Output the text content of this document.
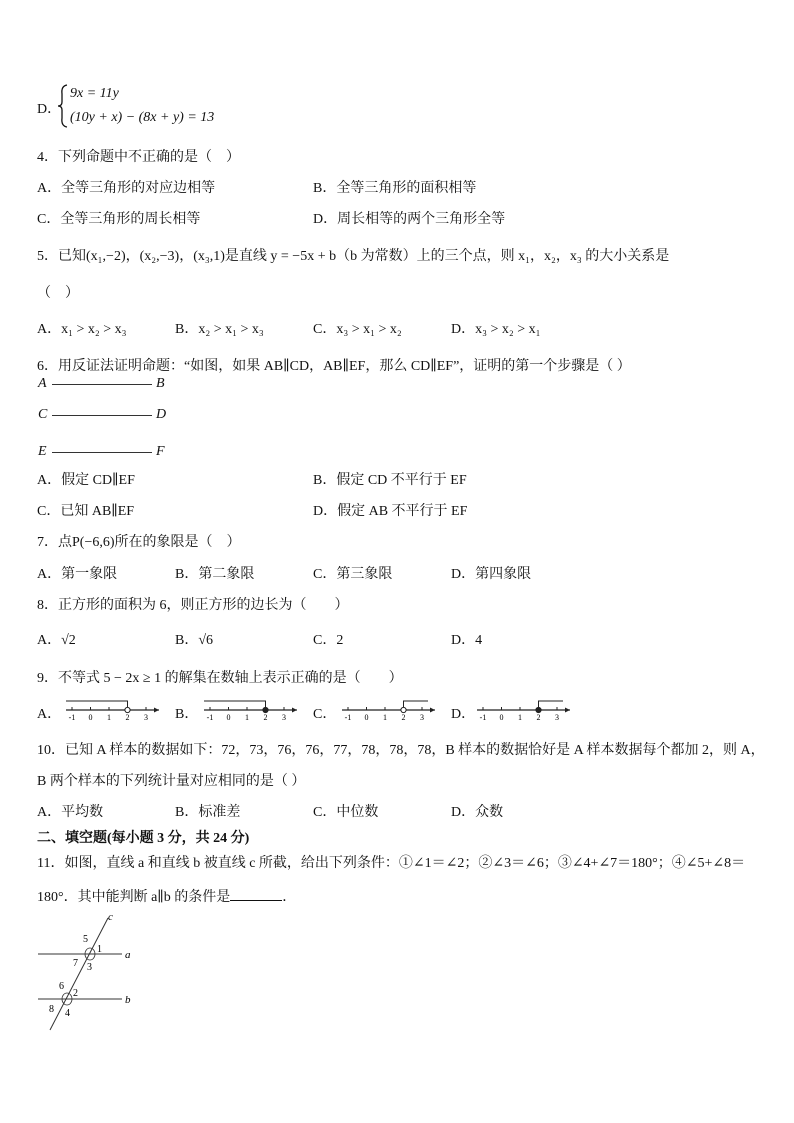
D．
9x = 11y
(10y + x) − (8x + y) = 13
4．下列命题中不正确的是（　）
A．全等三角形的对应边相等	B．全等三角形的面积相等
C．全等三角形的周长相等	D．周长相等的两个三角形全等
5．已知(x₁,−2)，(x₂,−3)，(x₃,1)是直线 y = −5x + b（b 为常数）上的三个点，则 x₁，x₂，x₃ 的大小关系是
（　）
A．x₁ > x₂ > x₃	B．x₂ > x₁ > x₃	C．x₃ > x₁ > x₂	D．x₃ > x₂ > x₁
6．用反证法证明命题：“如图，如果 AB∥CD，AB∥EF，那么 CD∥EF”，证明的第一个步骤是（ ）
A	B
C	D
E	F
A．假定 CD∥EF	B．假定 CD 不平行于 EF
C．已知 AB∥EF	D．假定 AB 不平行于 EF
7．点P(−6,6)所在的象限是（　）
A．第一象限	B．第二象限	C．第三象限	D．第四象限
8．正方形的面积为 6，则正方形的边长为（　　）
A．√2	B．√6	C．2	D．4
9．不等式 5 − 2x ≥ 1 的解集在数轴上表示正确的是（　　）
A．	B．	C．	D．
-1 0 1 2 3	-1 0 1 2 3	-1 0 1 2 3	-1 0 1 2 3
10．已知 A 样本的数据如下：72，73，76，76，77，78，78，78，B 样本的数据恰好是 A 样本数据每个都加 2，则 A，
B 两个样本的下列统计量对应相同的是（ ）
A．平均数	B．标准差	C．中位数	D．众数
二、填空题(每小题 3 分，共 24 分)
11．如图，直线 a 和直线 b 被直线 c 所截，给出下列条件：①∠1＝∠2；②∠3＝∠6；③∠4+∠7＝180°；④∠5+∠8＝
180°．其中能判断 a∥b 的条件是	．
c
a
b
5
1
7 3
6
2
8 4
